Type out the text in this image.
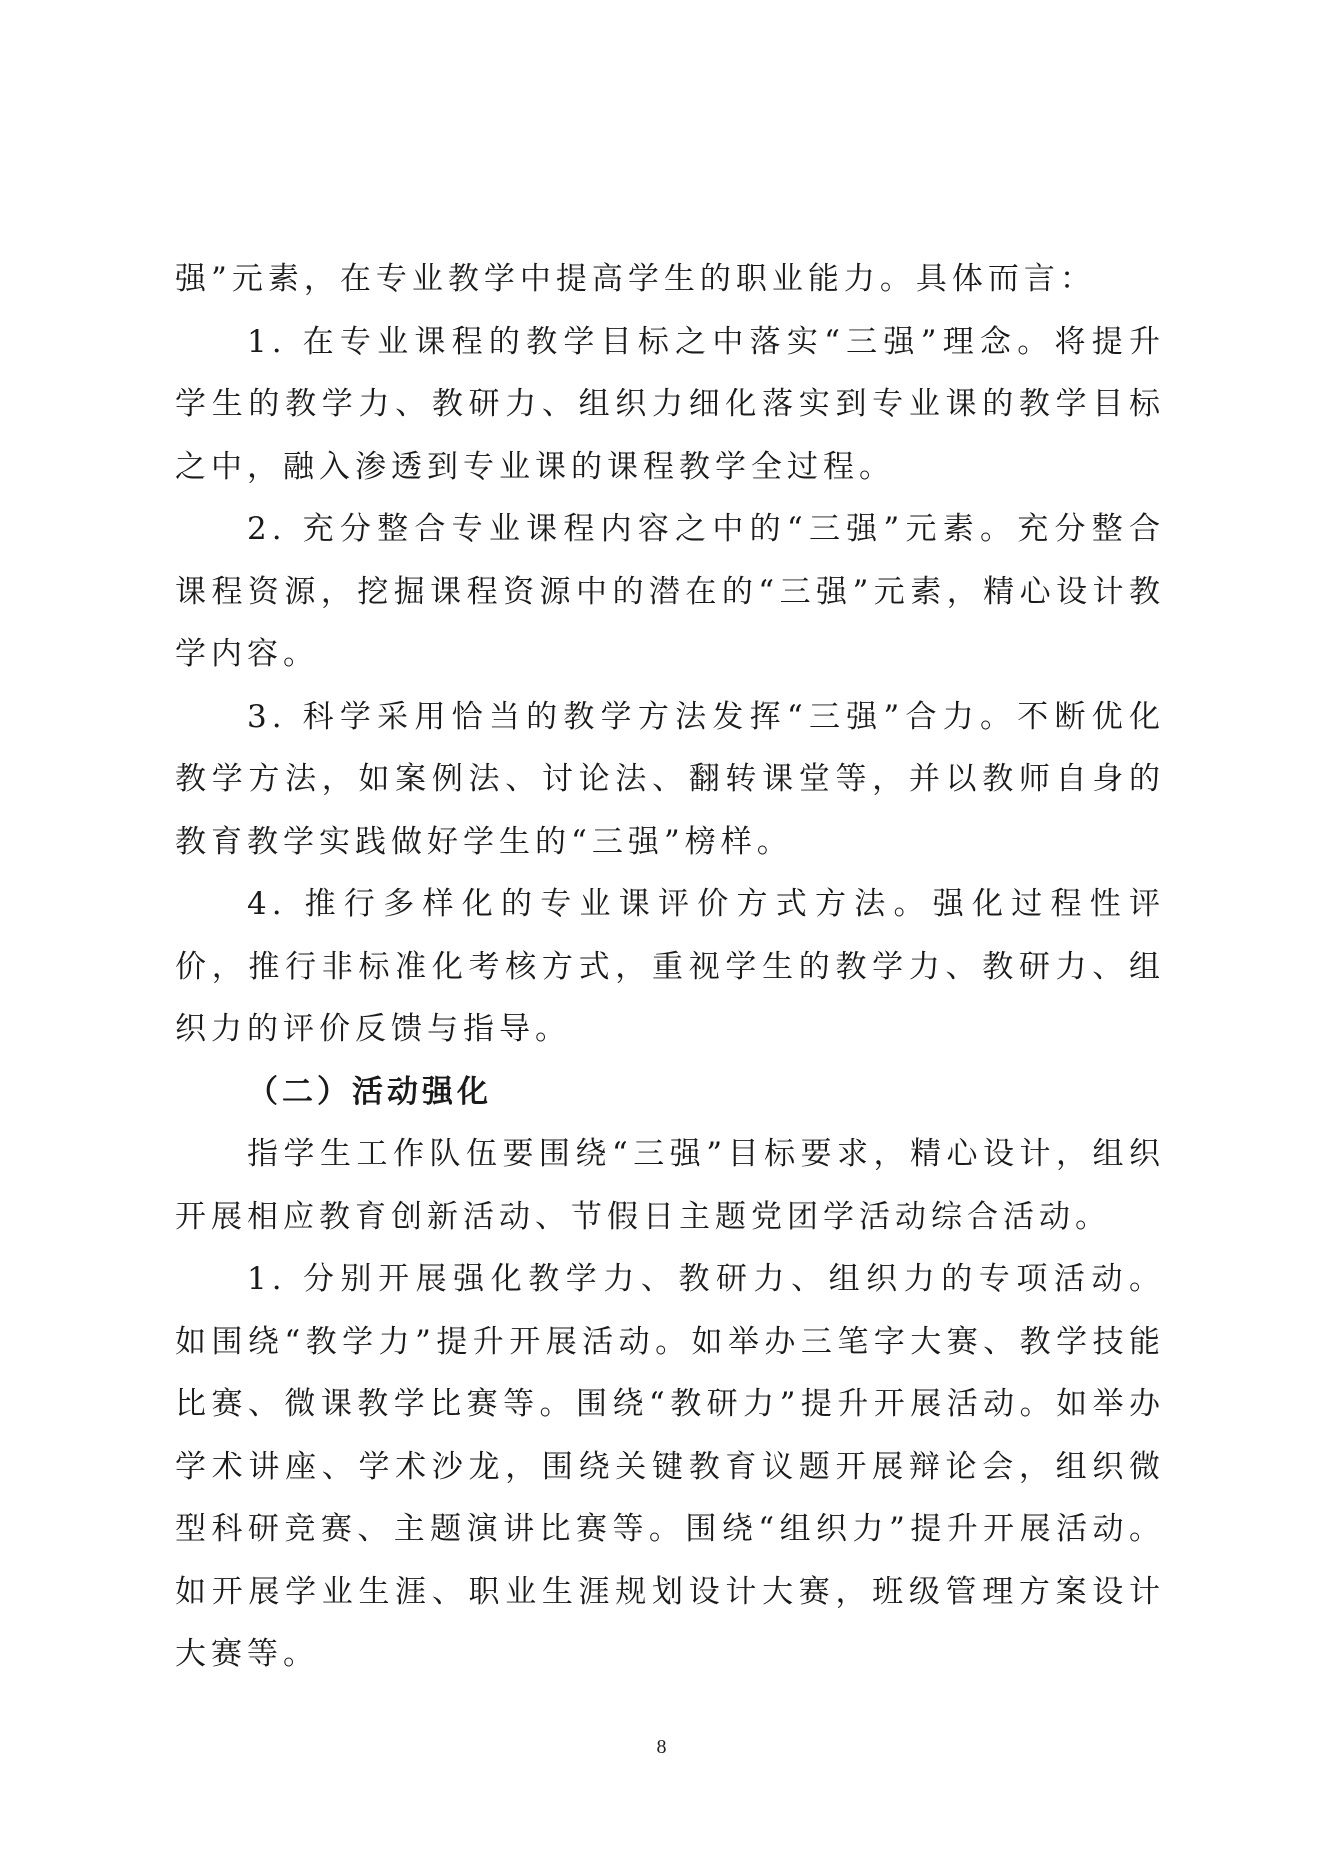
强”元素，在专业教学中提高学生的职业能力。具体而言：

1. 在专业课程的教学目标之中落实“三强”理念。将提升学生的教学力、教研力、组织力细化落实到专业课的教学目标之中，融入渗透到专业课的课程教学全过程。

2. 充分整合专业课程内容之中的“三强”元素。充分整合课程资源，挖掘课程资源中的潜在的“三强”元素，精心设计教学内容。

3. 科学采用恰当的教学方法发挥“三强”合力。不断优化教学方法，如案例法、讨论法、翻转课堂等，并以教师自身的教育教学实践做好学生的“三强”榜样。

4. 推行多样化的专业课评价方式方法。强化过程性评价，推行非标准化考核方式，重视学生的教学力、教研力、组织力的评价反馈与指导。

（二）活动强化

指学生工作队伍要围绕“三强”目标要求，精心设计，组织开展相应教育创新活动、节假日主题党团学活动综合活动。

1. 分别开展强化教学力、教研力、组织力的专项活动。如围绕“教学力”提升开展活动。如举办三笔字大赛、教学技能比赛、微课教学比赛等。围绕“教研力”提升开展活动。如举办学术讲座、学术沙龙，围绕关键教育议题开展辩论会，组织微型科研竞赛、主题演讲比赛等。围绕“组织力”提升开展活动。如开展学业生涯、职业生涯规划设计大赛，班级管理方案设计大赛等。

8
